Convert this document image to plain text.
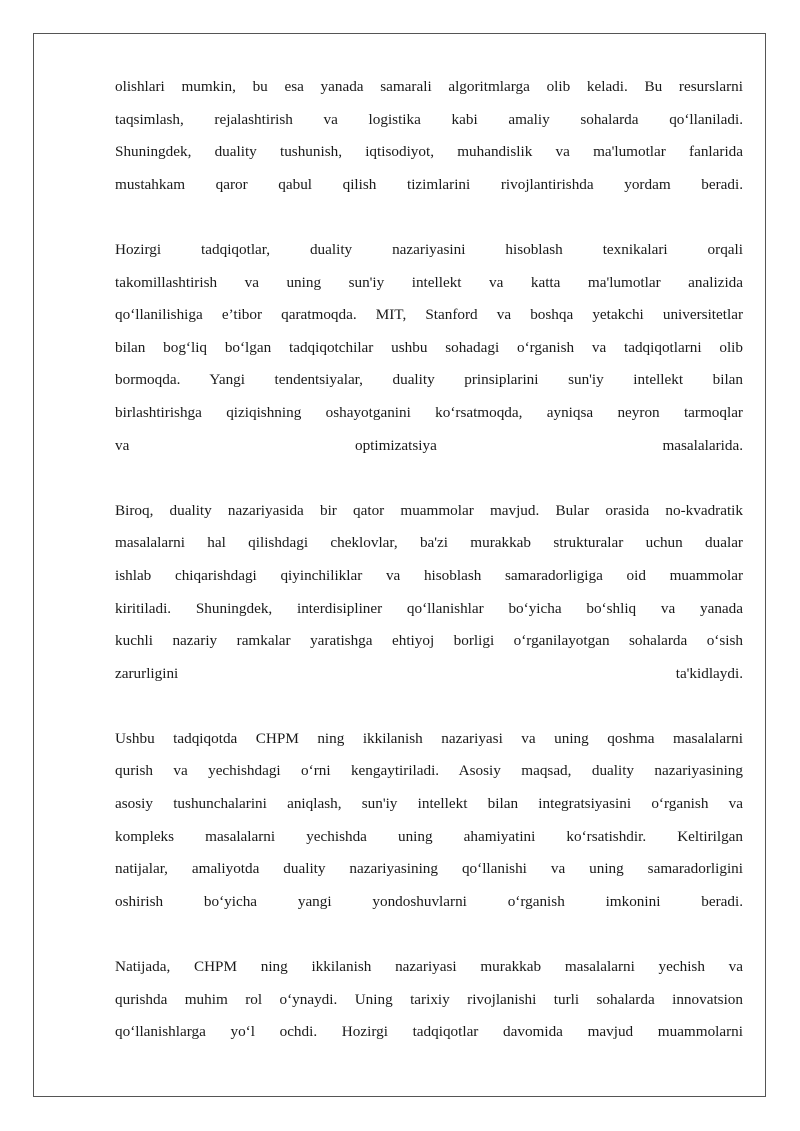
olishlari mumkin, bu esa yanada samarali algoritmlarga olib keladi. Bu resurslarni
taqsimlash, rejalashtirish va logistika kabi amaliy sohalarda qo‘llaniladi.
Shuningdek, duality tushunish, iqtisodiyot, muhandislik va ma'lumotlar fanlarida
mustahkam qaror qabul qilish tizimlarini rivojlantirishda yordam beradi.
Hozirgi tadqiqotlar, duality nazariyasini hisoblash texnikalari orqali
takomillashtirish va uning sun'iy intellekt va katta ma'lumotlar analizida
qo‘llanilishiga e’tibor qaratmoqda. MIT, Stanford va boshqa yetakchi universitetlar
bilan bog‘liq bo‘lgan tadqiqotchilar ushbu sohadagi o‘rganish va tadqiqotlarni olib
bormoqda. Yangi tendentsiyalar, duality prinsiplarini sun'iy intellekt bilan
birlashtirishga qiziqishning oshayotganini ko‘rsatmoqda, ayniqsa neyron tarmoqlar
va optimizatsiya masalalarida.
Biroq, duality nazariyasida bir qator muammolar mavjud. Bular orasida no-kvadratik
masalalarni hal qilishdagi cheklovlar, ba'zi murakkab strukturalar uchun dualar
ishlab chiqarishdagi qiyinchiliklar va hisoblash samaradorligiga oid muammolar
kiritiladi. Shuningdek, interdisipliner qo‘llanishlar bo‘yicha bo‘shliq va yanada
kuchli nazariy ramkalar yaratishga ehtiyoj borligi o‘rganilayotgan sohalarda o‘sish
zarurligini ta'kidlaydi.
Ushbu tadqiqotda CHPM ning ikkilanish nazariyasi va uning qoshma masalalarni
qurish va yechishdagi o‘rni kengaytiriladi. Asosiy maqsad, duality nazariyasining
asosiy tushunchalarini aniqlash, sun'iy intellekt bilan integratsiyasini o‘rganish va
kompleks masalalarni yechishda uning ahamiyatini ko‘rsatishdir. Keltirilgan
natijalar, amaliyotda duality nazariyasining qo‘llanishi va uning samaradorligini
oshirish bo‘yicha yangi yondoshuvlarni o‘rganish imkonini beradi.
Natijada, CHPM ning ikkilanish nazariyasi murakkab masalalarni yechish va
qurishda muhim rol o‘ynaydi. Uning tarixiy rivojlanishi turli sohalarda innovatsion
qo‘llanishlarga yo‘l ochdi. Hozirgi tadqiqotlar davomida mavjud muammolarni
